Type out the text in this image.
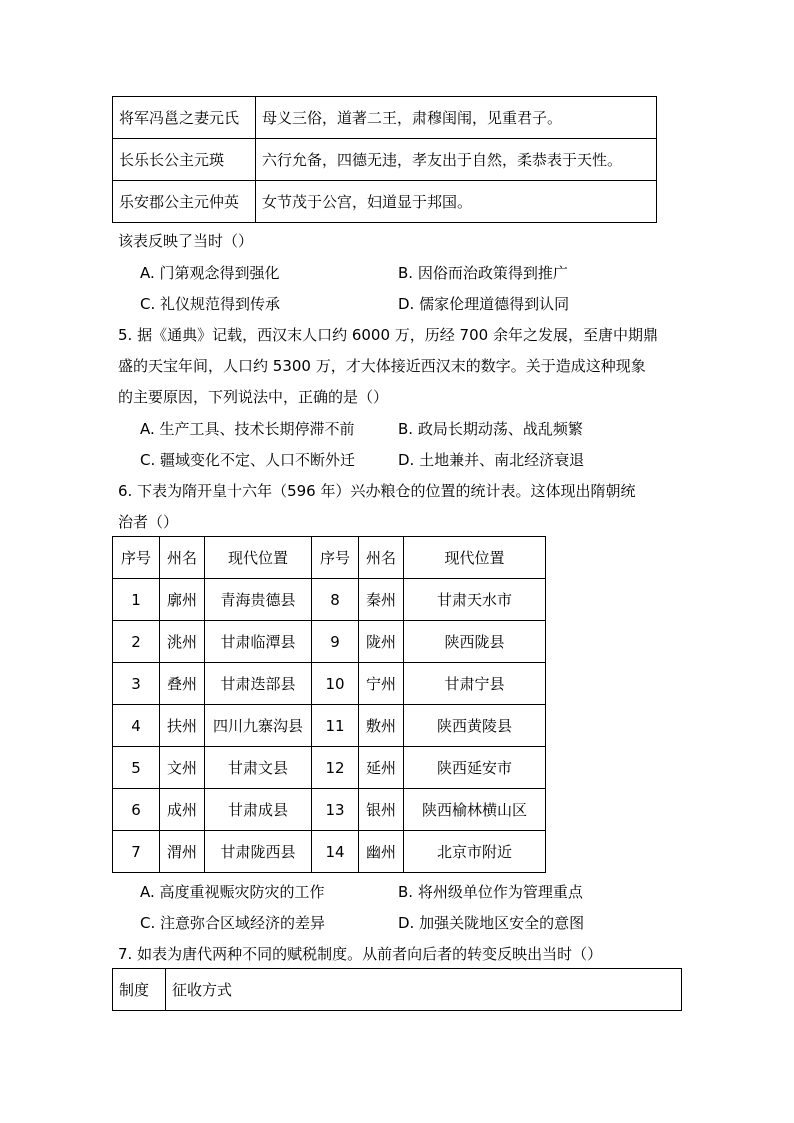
将军冯邕之妻元氏	母义三俗，道著二王，肃穆闺闱，见重君子。
长乐长公主元瑛	六行允备，四德无违，孝友出于自然，柔恭表于天性。
乐安郡公主元仲英	女节茂于公宫，妇道显于邦国。
该表反映了当时（）
A. 门第观念得到强化	B. 因俗而治政策得到推广
C. 礼仪规范得到传承	D. 儒家伦理道德得到认同
5. 据《通典》记载，西汉末人口约 6000 万，历经 700 余年之发展，至唐中期鼎
盛的天宝年间，人口约 5300 万，才大体接近西汉末的数字。关于造成这种现象
的主要原因，下列说法中，正确的是（）
A. 生产工具、技术长期停滞不前	B. 政局长期动荡、战乱频繁
C. 疆域变化不定、人口不断外迁	D. 土地兼并、南北经济衰退
6. 下表为隋开皇十六年（596 年）兴办粮仓的位置的统计表。这体现出隋朝统
治者（）
序号	州名	现代位置	序号	州名	现代位置
1	廓州	青海贵德县	8	秦州	甘肃天水市
2	洮州	甘肃临潭县	9	陇州	陕西陇县
3	叠州	甘肃迭部县	10	宁州	甘肃宁县
4	扶州	四川九寨沟县	11	敷州	陕西黄陵县
5	文州	甘肃文县	12	延州	陕西延安市
6	成州	甘肃成县	13	银州	陕西榆林横山区
7	渭州	甘肃陇西县	14	幽州	北京市附近
A. 高度重视赈灾防灾的工作	B. 将州级单位作为管理重点
C. 注意弥合区域经济的差异	D. 加强关陇地区安全的意图
7. 如表为唐代两种不同的赋税制度。从前者向后者的转变反映出当时（）
制度	征收方式
